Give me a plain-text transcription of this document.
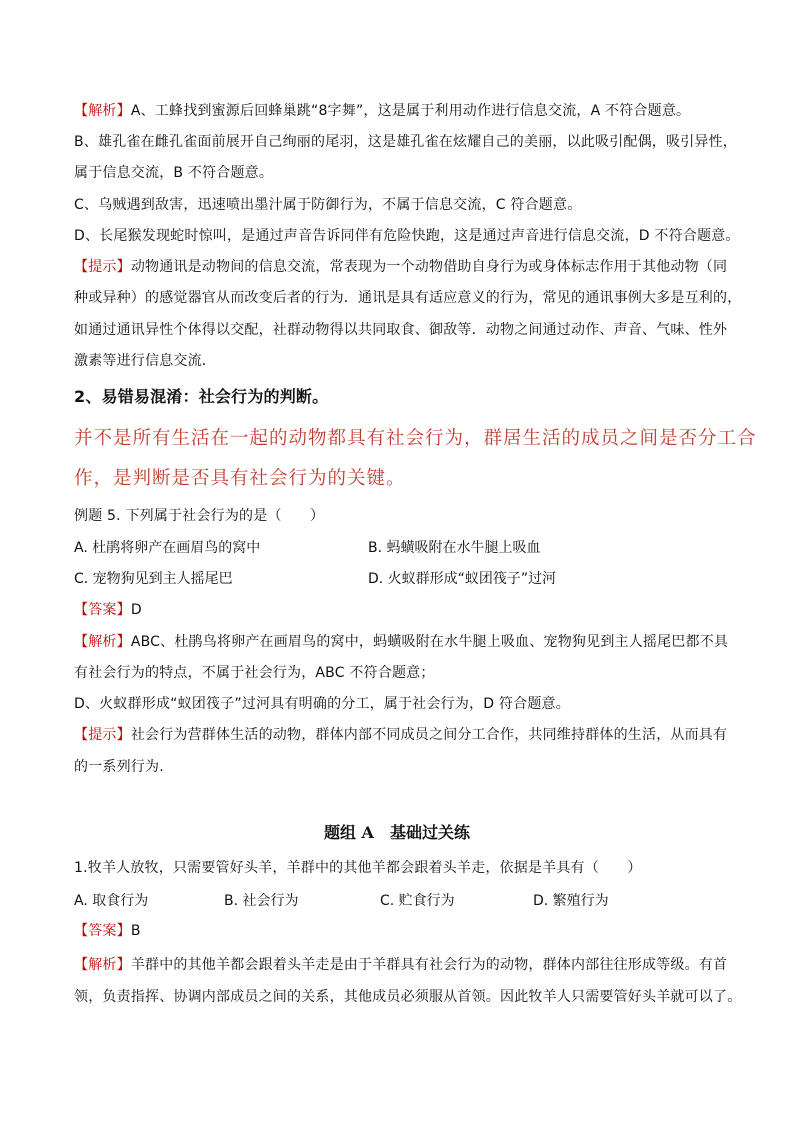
【解析】A、工蜂找到蜜源后回蜂巢跳“8字舞”，这是属于利用动作进行信息交流，A 不符合题意。
B、雄孔雀在雌孔雀面前展开自己绚丽的尾羽，这是雄孔雀在炫耀自己的美丽，以此吸引配偶，吸引异性，
属于信息交流，B 不符合题意。
C、乌贼遇到敌害，迅速喷出墨汁属于防御行为，不属于信息交流，C 符合题意。
D、长尾猴发现蛇时惊叫，是通过声音告诉同伴有危险快跑，这是通过声音进行信息交流，D 不符合题意。
【提示】动物通讯是动物间的信息交流，常表现为一个动物借助自身行为或身体标志作用于其他动物（同
种或异种）的感觉器官从而改变后者的行为．通讯是具有适应意义的行为，常见的通讯事例大多是互利的，
如通过通讯异性个体得以交配，社群动物得以共同取食、御敌等．动物之间通过动作、声音、气味、性外
激素等进行信息交流．
2、易错易混淆：社会行为的判断。
并不是所有生活在一起的动物都具有社会行为，群居生活的成员之间是否分工合
作，是判断是否具有社会行为的关键。
例题 5. 下列属于社会行为的是（　　）
A. 杜鹃将卵产在画眉鸟的窝中	B. 蚂蟥吸附在水牛腿上吸血
C. 宠物狗见到主人摇尾巴	D. 火蚁群形成“蚁团筏子”过河
【答案】D
【解析】ABC、杜鹃鸟将卵产在画眉鸟的窝中，蚂蟥吸附在水牛腿上吸血、宠物狗见到主人摇尾巴都不具
有社会行为的特点，不属于社会行为，ABC 不符合题意；
D、火蚁群形成“蚁团筏子”过河具有明确的分工，属于社会行为，D 符合题意。
【提示】社会行为营群体生活的动物，群体内部不同成员之间分工合作，共同维持群体的生活，从而具有
的一系列行为.
题组 A 基础过关练
1.牧羊人放牧，只需要管好头羊，羊群中的其他羊都会跟着头羊走，依据是羊具有（　　）
A. 取食行为	B. 社会行为	C. 贮食行为	D. 繁殖行为
【答案】B
【解析】羊群中的其他羊都会跟着头羊走是由于羊群具有社会行为的动物，群体内部往往形成等级。有首
领，负责指挥、协调内部成员之间的关系，其他成员必须服从首领。因此牧羊人只需要管好头羊就可以了。
